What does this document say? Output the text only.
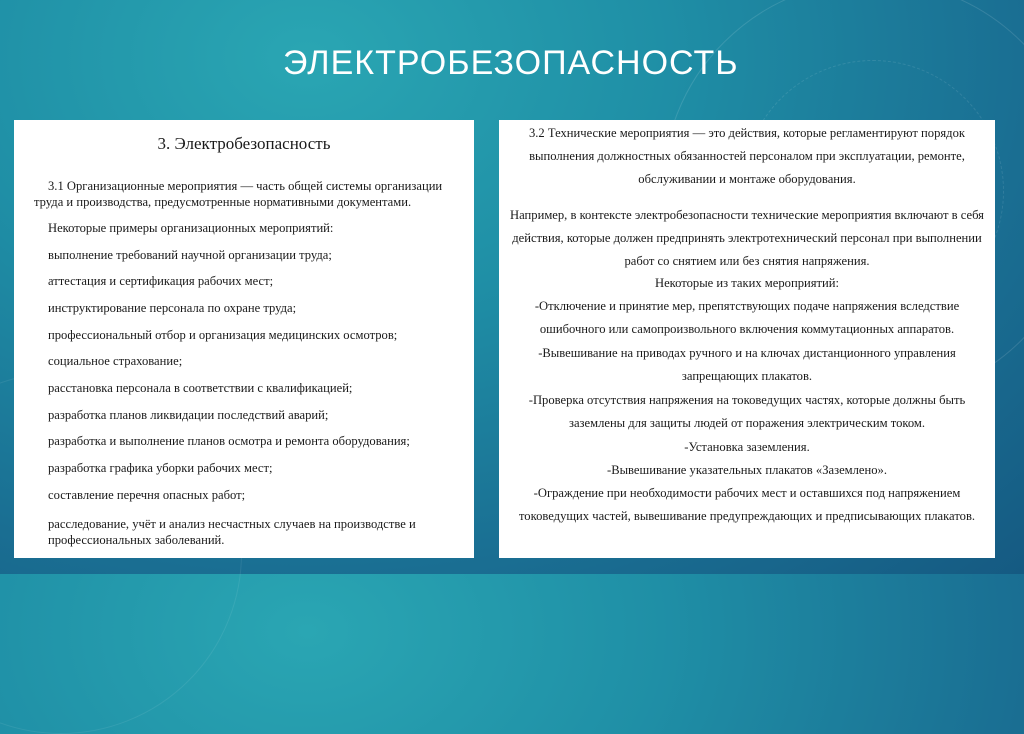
ЭЛЕКТРОБЕЗОПАСНОСТЬ
3. Электробезопасность
3.1 Организационные мероприятия — часть общей системы организации труда и производства, предусмотренные нормативными документами.
Некоторые примеры организационных мероприятий:
выполнение требований научной организации труда;
аттестация и сертификация рабочих мест;
инструктирование персонала по охране труда;
профессиональный отбор и организация медицинских осмотров;
социальное страхование;
расстановка персонала в соответствии с квалификацией;
разработка планов ликвидации последствий аварий;
разработка и выполнение планов осмотра и ремонта оборудования;
разработка графика уборки рабочих мест;
составление перечня опасных работ;
расследование, учёт и анализ несчастных случаев на производстве и профессиональных заболеваний.
3.2 Технические мероприятия — это действия, которые регламентируют порядок выполнения должностных обязанностей персоналом при эксплуатации, ремонте, обслуживании и монтаже оборудования.
Например, в контексте электробезопасности технические мероприятия включают в себя действия, которые должен предпринять электротехнический персонал при выполнении работ со снятием или без снятия напряжения.
Некоторые из таких мероприятий:
-Отключение и принятие мер, препятствующих подаче напряжения вследствие ошибочного или самопроизвольного включения коммутационных аппаратов.
-Вывешивание на приводах ручного и на ключах дистанционного управления запрещающих плакатов.
-Проверка отсутствия напряжения на токоведущих частях, которые должны быть заземлены для защиты людей от поражения электрическим током.
-Установка заземления.
-Вывешивание указательных плакатов «Заземлено».
-Ограждение при необходимости рабочих мест и оставшихся под напряжением токоведущих частей, вывешивание предупреждающих и предписывающих плакатов.
